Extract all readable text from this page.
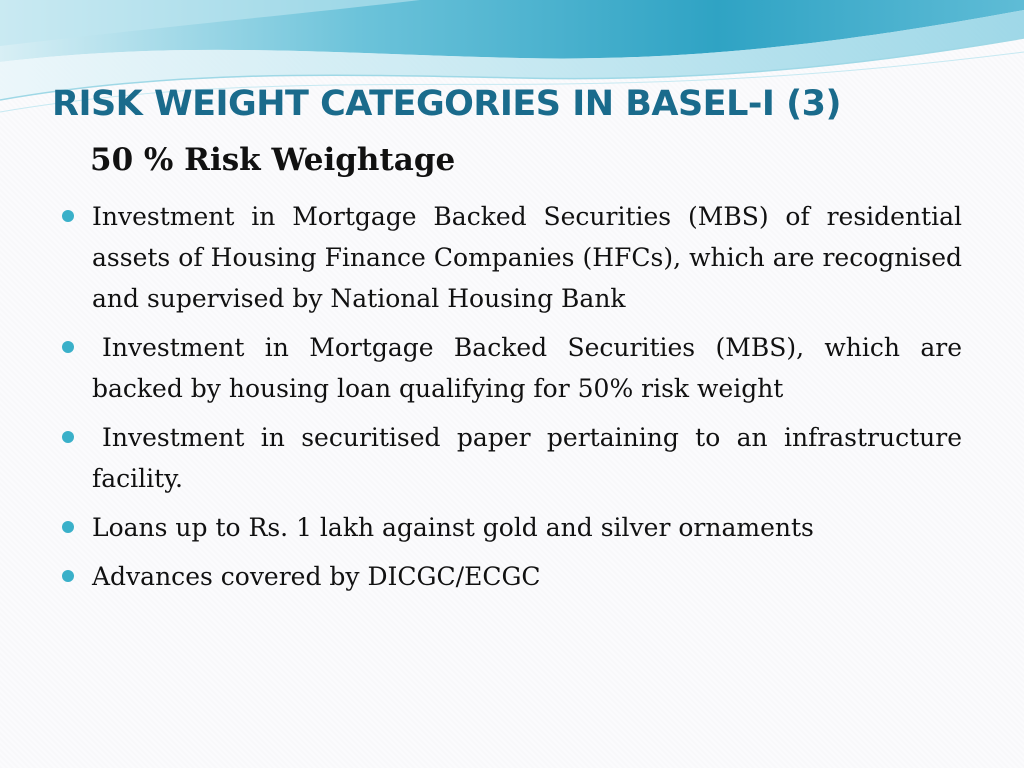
RISK WEIGHT CATEGORIES IN BASEL-I (3)
50 % Risk Weightage
Investment in Mortgage Backed Securities (MBS) of residential assets of Housing Finance Companies (HFCs), which are recognised and supervised by National Housing Bank
Investment in Mortgage Backed Securities (MBS), which are backed by housing loan qualifying for 50% risk weight
Investment in securitised paper pertaining to an infrastructure facility.
Loans up to Rs. 1 lakh against gold and silver ornaments
Advances covered by DICGC/ECGC
